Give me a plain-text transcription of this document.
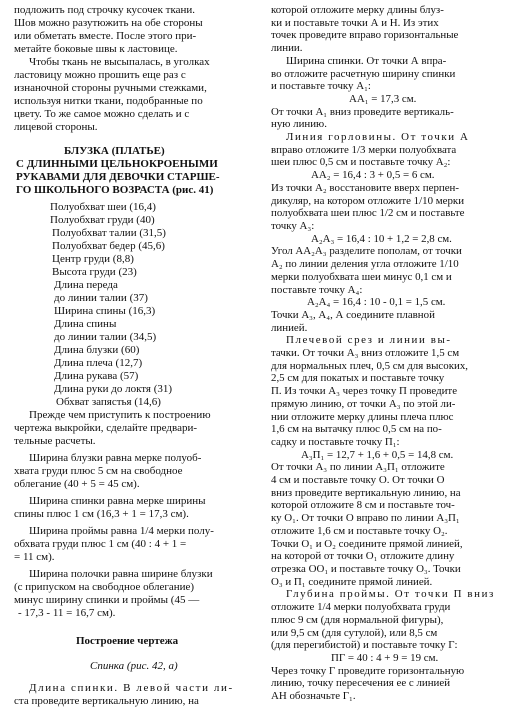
подложить под строчку кусочек ткани.
Шов можно разутюжить на обе стороны
или обметать вместе. После этого при-
метайте боковые швы к ластовице.
Чтобы ткань не высыпалась, в уголках
ластовицу можно прошить еще раз с
изнаночной стороны ручными стежками,
используя нитки ткани, подобранные по
цвету. То же самое можно сделать и с
лицевой стороны.
БЛУЗКА (ПЛАТЬЕ)
С ДЛИННЫМИ ЦЕЛЬНОКРОЕНЫМИ
РУКАВАМИ ДЛЯ ДЕВОЧКИ СТАРШЕ-
ГО ШКОЛЬНОГО ВОЗРАСТА (рис. 41)
Полуобхват шеи (16,4)
Полуобхват груди (40)
Полуобхват талии (31,5)
Полуобхват бедер (45,6)
Центр груди (8,8)
Высота груди (23)
Длина переда
до линии талии (37)
Ширина спины (16,3)
Длина спины
до линии талии (34,5)
Длина блузки (60)
Длина плеча (12,7)
Длина рукава (57)
Длина руки до локтя (31)
Обхват запястья (14,6)
Прежде чем приступить к построению
чертежа выкройки, сделайте предвари-
тельные расчеты.
Ширина блузки равна мерке полуоб-
хвата груди плюс 5 см на свободное
облегание (40 + 5 = 45 см).
Ширина спинки равна мерке ширины
спины плюс 1 см (16,3 + 1 = 17,3 см).
Ширина проймы равна 1/4 мерки полу-
обхвата груди плюс 1 см (40 : 4 + 1 =
= 11 см).
Ширина полочки равна ширине блузки
(с припуском на свободное облегание)
минус ширину спинки и проймы (45 —
- 17,3 - 11 = 16,7 см).
Построение чертежа
Спинка (рис. 42, а)
Длина спинки. В левой части ли-
ста проведите вертикальную линию, на
которой отложите мерку длины блуз-
ки и поставьте точки А и Н. Из этих
точек проведите вправо горизонтальные
линии.
Ширина спинки. От точки А впра-
во отложите расчетную ширину спинки
и поставьте точку А₁:
АА₁ = 17,3 см.
От точки А₁ вниз проведите вертикаль-
ную линию.
Линия горловины. От точки А
вправо отложите 1/3 мерки полуобхвата
шеи плюс 0,5 см и поставьте точку А₂:
АА₂ = 16,4 : 3 + 0,5 = 6 см.
Из точки А₂ восстановите вверх перпен-
дикуляр, на котором отложите 1/10 мерки
полуобхвата шеи плюс 1/2 см и поставьте
точку А₃:
А₂А₃ = 16,4 : 10 + 1,2 = 2,8 см.
Угол АА₂А₃ разделите пополам, от точки
А₂ по линии деления угла отложите 1/10
мерки полуобхвата шеи минус 0,1 см и
поставьте точку А₄:
А₂А₄ = 16,4 : 10 - 0,1 = 1,5 см.
Точки А₃, А₄, А соедините плавной
линией.
Плечевой срез и линии вы-
тачки. От точки А₃ вниз отложите 1,5 см
для нормальных плеч, 0,5 см для высоких,
2,5 см для покатых и поставьте точку
П. Из точки А₃ через точку П проведите
прямую линию, от точки А₃ по этой ли-
нии отложите мерку длины плеча плюс
1,6 см на вытачку плюс 0,5 см на по-
садку и поставьте точку П₁:
А₃П₁ = 12,7 + 1,6 + 0,5 = 14,8 см.
От точки А₃ по линии А₃П₁ отложите
4 см и поставьте точку О. От точки О
вниз проведите вертикальную линию, на
которой отложите 8 см и поставьте точ-
ку О₁. От точки О вправо по линии А₃П₁
отложите 1,6 см и поставьте точку О₂.
Точки О₁ и О₂ соедините прямой линией,
на которой от точки О₁ отложите длину
отрезка ОО₁ и поставьте точку О₃. Точки
О₃ и П₁ соедините прямой линией.
Глубина проймы. От точки П вниз
отложите 1/4 мерки полуобхвата груди
плюс 9 см (для нормальной фигуры),
или 9,5 см (для сутулой), или 8,5 см
(для перегибистой) и поставьте точку Г:
ПГ = 40 : 4 + 9 = 19 см.
Через точку Г проведите горизонтальную
линию, точку пересечения ее с линией
АН обозначьте Г₁.
